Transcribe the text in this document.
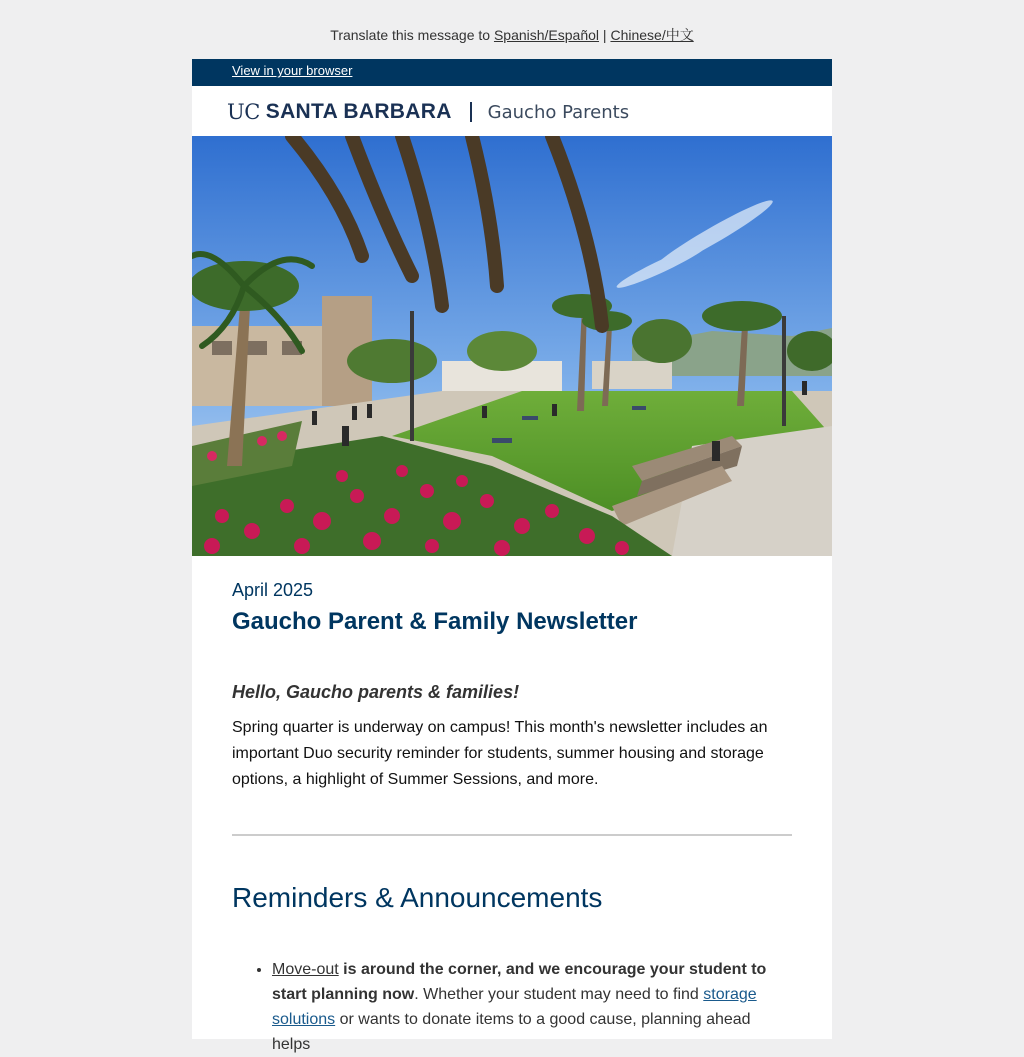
Translate this message to Spanish/Español | Chinese/中文
View in your browser
UC SANTA BARBARA Gaucho Parents
April 2025
Gaucho Parent & Family Newsletter
Hello, Gaucho parents & families!
Spring quarter is underway on campus! This month's newsletter includes an important Duo security reminder for students, summer housing and storage options, a highlight of Summer Sessions, and more.
Reminders & Announcements
• Move-out is around the corner, and we encourage your student to start planning now. Whether your student may need to find storage solutions or wants to donate items to a good cause, planning ahead helps
